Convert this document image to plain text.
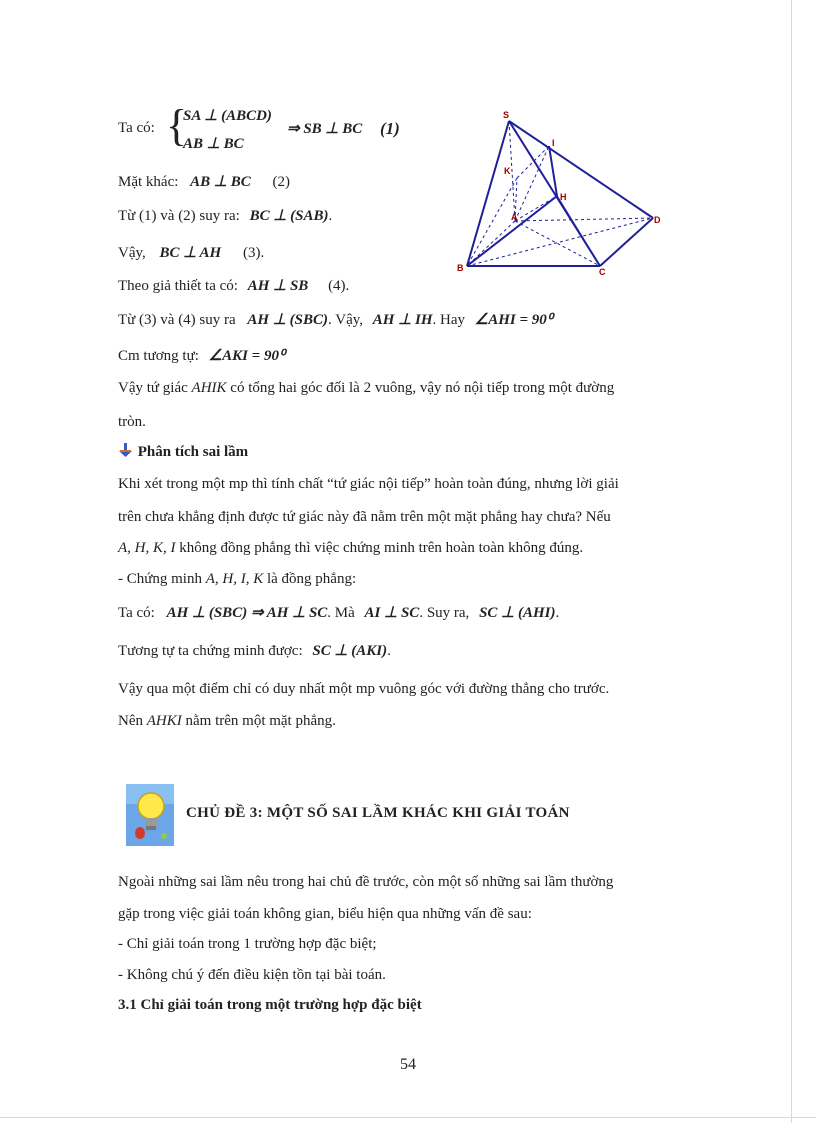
Ta có: {
SA ⊥ (ABCD)
AB ⊥ BC
⇒ SB ⊥ BC (1)
Mặt khác: AB ⊥ BC (2)
Từ (1) và (2) suy ra: BC ⊥ (SAB).
Vậy, BC ⊥ AH (3).
Theo giả thiết ta có: AH ⊥ SB (4).
Từ (3) và (4) suy ra AH ⊥ (SBC). Vậy, AH ⊥ IH. Hay ∠AHI = 90⁰
Cm tương tự: ∠AKI = 90⁰
Vậy tứ giác AHIK có tổng hai góc đối là 2 vuông, vậy nó nội tiếp trong một đường
tròn.
Phân tích sai lầm
Khi xét trong một mp thì tính chất “tứ giác nội tiếp” hoàn toàn đúng, nhưng lời giải
trên chưa khẳng định được tứ giác này đã nằm trên một mặt phẳng hay chưa? Nếu
A, H, K, I không đồng phẳng thì việc chứng minh trên hoàn toàn không đúng.
- Chứng minh A, H, I, K là đồng phẳng:
Ta có: AH ⊥ (SBC) ⇒ AH ⊥ SC. Mà AI ⊥ SC. Suy ra, SC ⊥ (AHI).
Tương tự ta chứng minh được: SC ⊥ (AKI).
Vậy qua một điểm chỉ có duy nhất một mp vuông góc với đường thẳng cho trước.
Nên AHKI nằm trên một mặt phẳng.
S
I
K
H
A	D
B	C
CHỦ ĐỀ 3: MỘT SỐ SAI LẦM KHÁC KHI GIẢI TOÁN
Ngoài những sai lầm nêu trong hai chủ đề trước, còn một số những sai lầm thường
gặp trong việc giải toán không gian, biểu hiện qua những vấn đề sau:
- Chỉ giải toán trong 1 trường hợp đặc biệt;
- Không chú ý đến điều kiện tồn tại bài toán.
3.1 Chỉ giải toán trong một trường hợp đặc biệt
54
